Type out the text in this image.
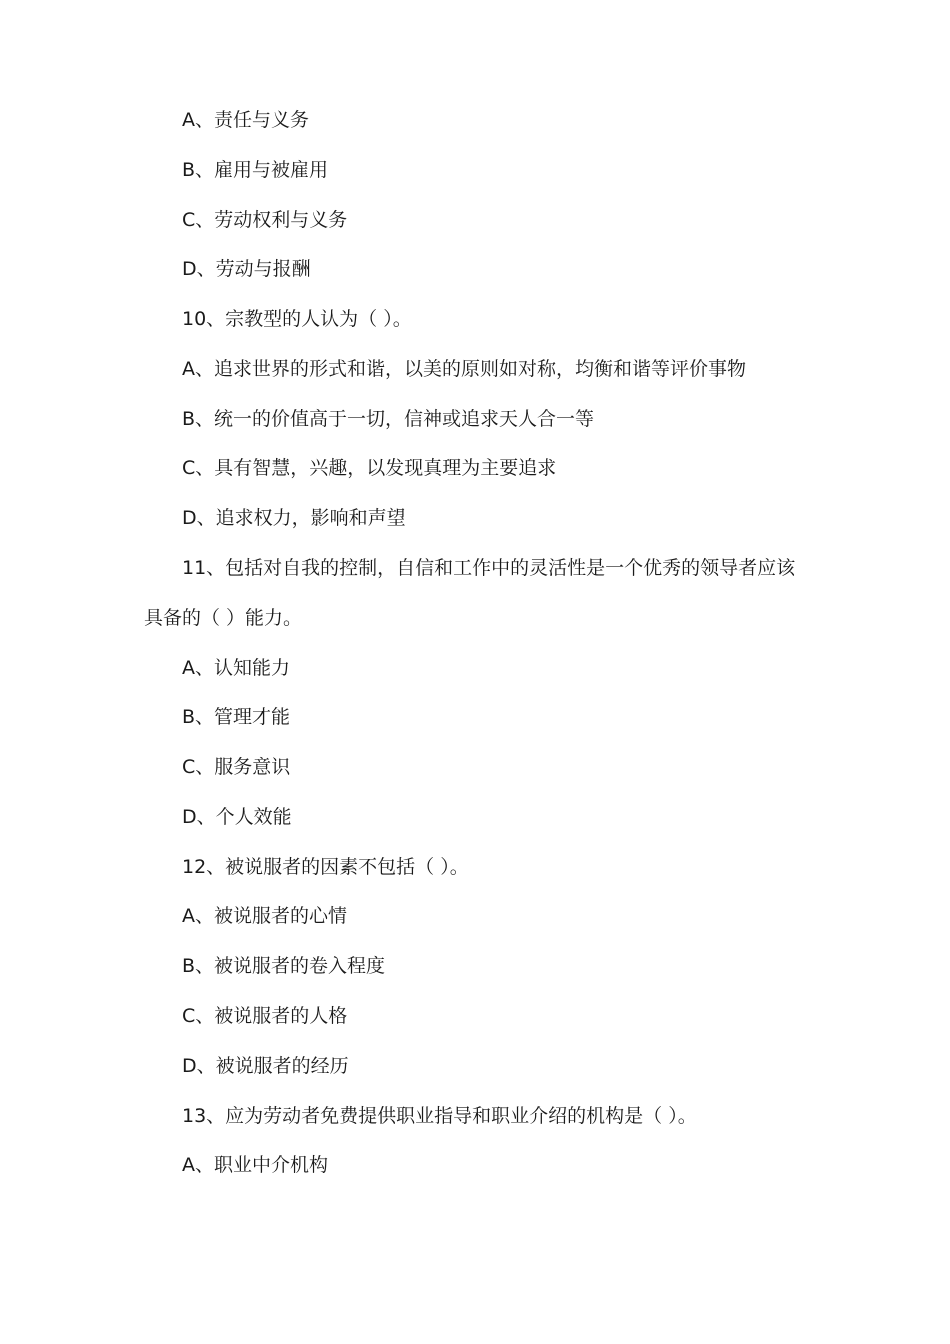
A、责任与义务
B、雇用与被雇用
C、劳动权利与义务
D、劳动与报酬
10、宗教型的人认为（ ）。
A、追求世界的形式和谐，以美的原则如对称，均衡和谐等评价事物
B、统一的价值高于一切，信神或追求天人合一等
C、具有智慧，兴趣，以发现真理为主要追求
D、追求权力，影响和声望
11、包括对自我的控制，自信和工作中的灵活性是一个优秀的领导者应该
具备的（ ）能力。
A、认知能力
B、管理才能
C、服务意识
D、个人效能
12、被说服者的因素不包括（ ）。
A、被说服者的心情
B、被说服者的卷入程度
C、被说服者的人格
D、被说服者的经历
13、应为劳动者免费提供职业指导和职业介绍的机构是（ ）。
A、职业中介机构
